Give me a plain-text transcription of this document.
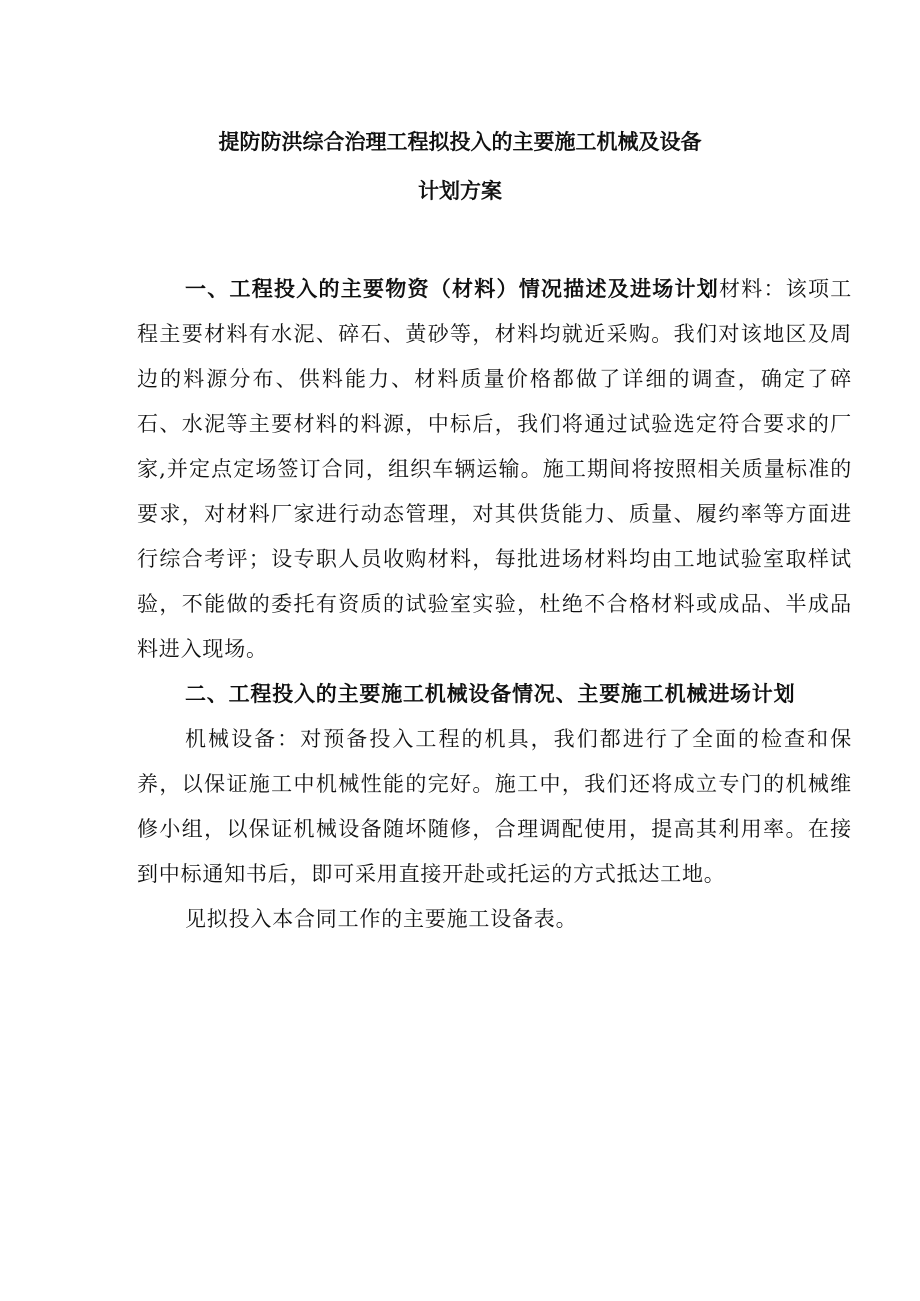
提防防洪综合治理工程拟投入的主要施工机械及设备
计划方案

一、工程投入的主要物资（材料）情况描述及进场计划材料：该项工程主要材料有水泥、碎石、黄砂等，材料均就近采购。我们对该地区及周边的料源分布、供料能力、材料质量价格都做了详细的调查，确定了碎石、水泥等主要材料的料源，中标后，我们将通过试验选定符合要求的厂家,并定点定场签订合同，组织车辆运输。施工期间将按照相关质量标准的要求，对材料厂家进行动态管理，对其供货能力、质量、履约率等方面进行综合考评；设专职人员收购材料，每批进场材料均由工地试验室取样试验，不能做的委托有资质的试验室实验，杜绝不合格材料或成品、半成品料进入现场。

二、工程投入的主要施工机械设备情况、主要施工机械进场计划

机械设备：对预备投入工程的机具，我们都进行了全面的检查和保养，以保证施工中机械性能的完好。施工中，我们还将成立专门的机械维修小组，以保证机械设备随坏随修，合理调配使用，提高其利用率。在接到中标通知书后，即可采用直接开赴或托运的方式抵达工地。

见拟投入本合同工作的主要施工设备表。
